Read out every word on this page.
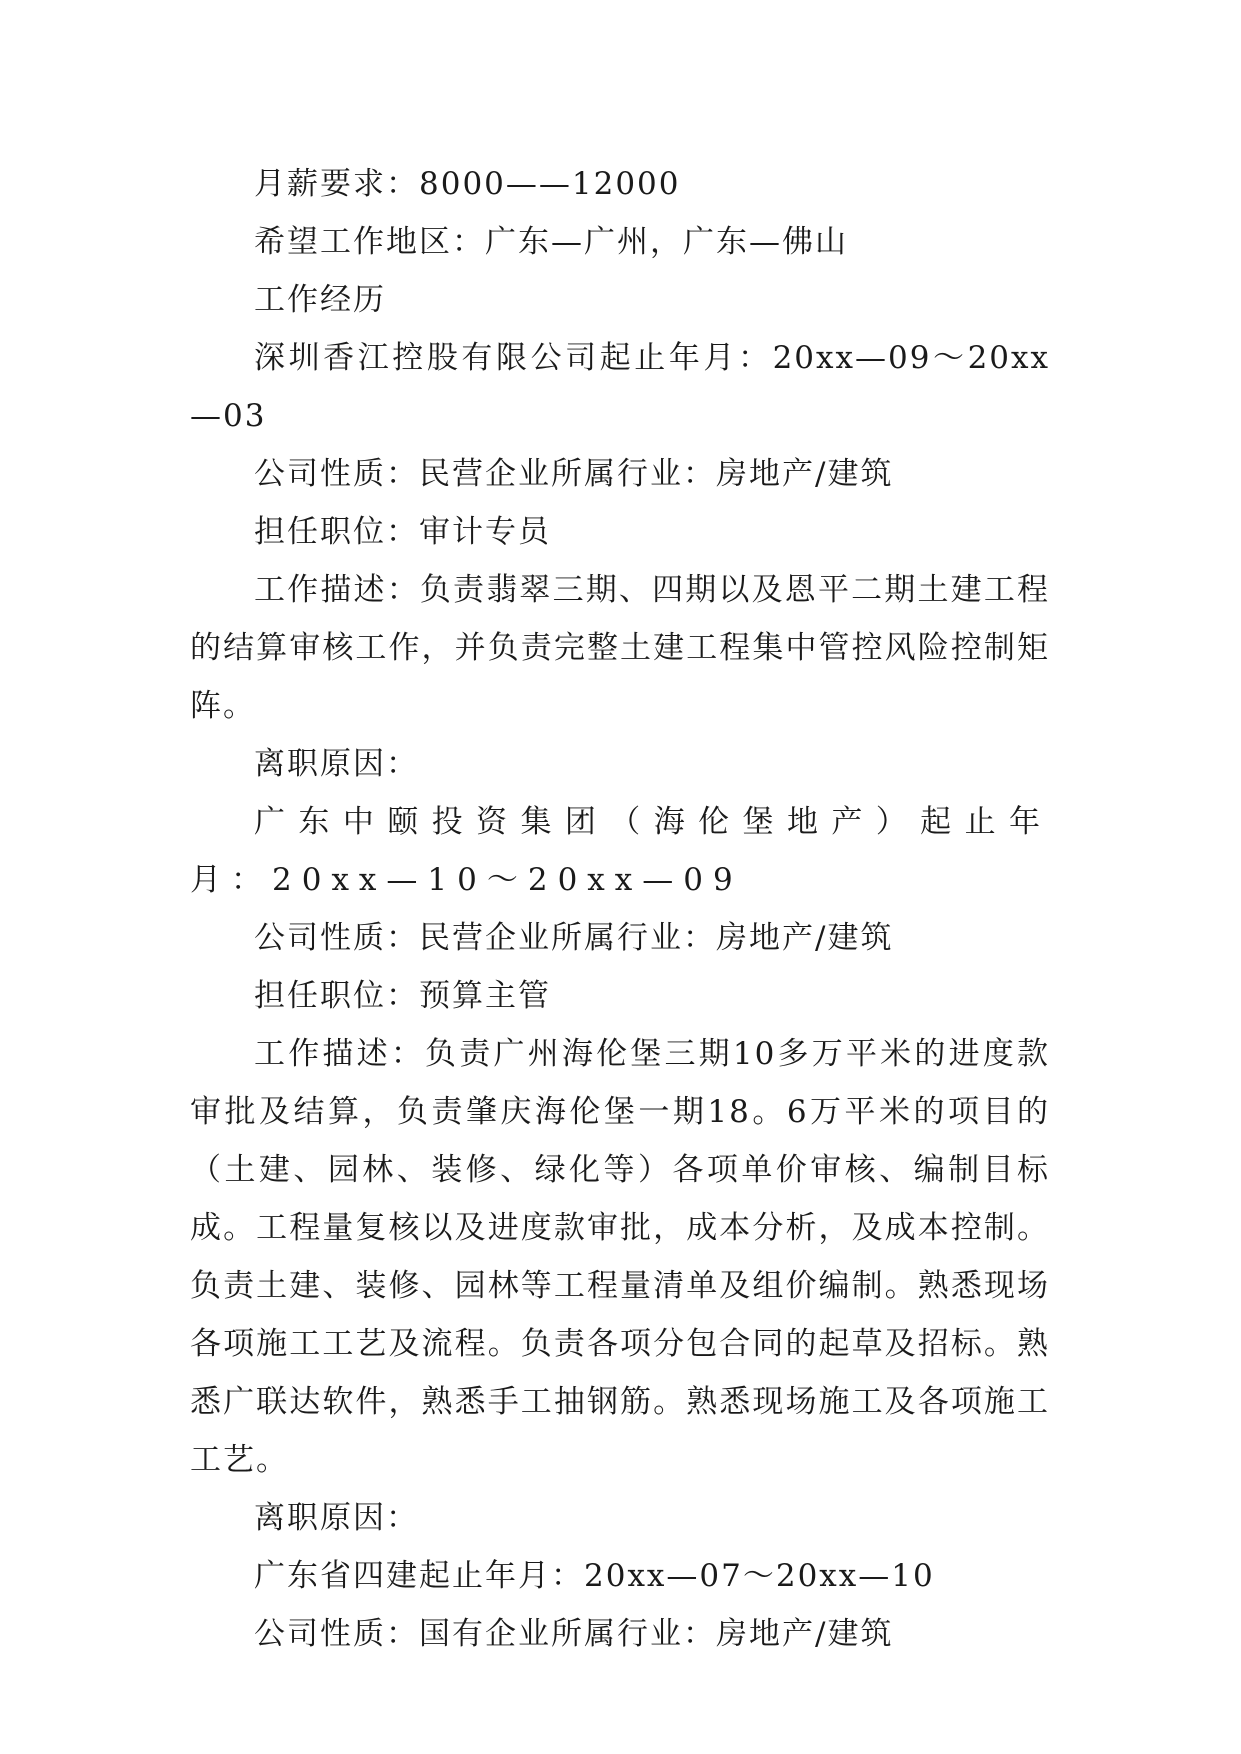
月薪要求：8000——12000

希望工作地区：广东—广州，广东—佛山

工作经历

深圳香江控股有限公司起止年月：20xx—09～20xx—03

公司性质：民营企业所属行业：房地产/建筑

担任职位：审计专员

工作描述：负责翡翠三期、四期以及恩平二期土建工程的结算审核工作，并负责完整土建工程集中管控风险控制矩阵。

离职原因：

广东中颐投资集团（海伦堡地产）起止年月：20xx—10～20xx—09

公司性质：民营企业所属行业：房地产/建筑

担任职位：预算主管

工作描述：负责广州海伦堡三期10多万平米的进度款审批及结算，负责肇庆海伦堡一期18。6万平米的项目的（土建、园林、装修、绿化等）各项单价审核、编制目标成。工程量复核以及进度款审批，成本分析，及成本控制。负责土建、装修、园林等工程量清单及组价编制。熟悉现场各项施工工艺及流程。负责各项分包合同的起草及招标。熟悉广联达软件，熟悉手工抽钢筋。熟悉现场施工及各项施工工艺。

离职原因：

广东省四建起止年月：20xx—07～20xx—10

公司性质：国有企业所属行业：房地产/建筑
